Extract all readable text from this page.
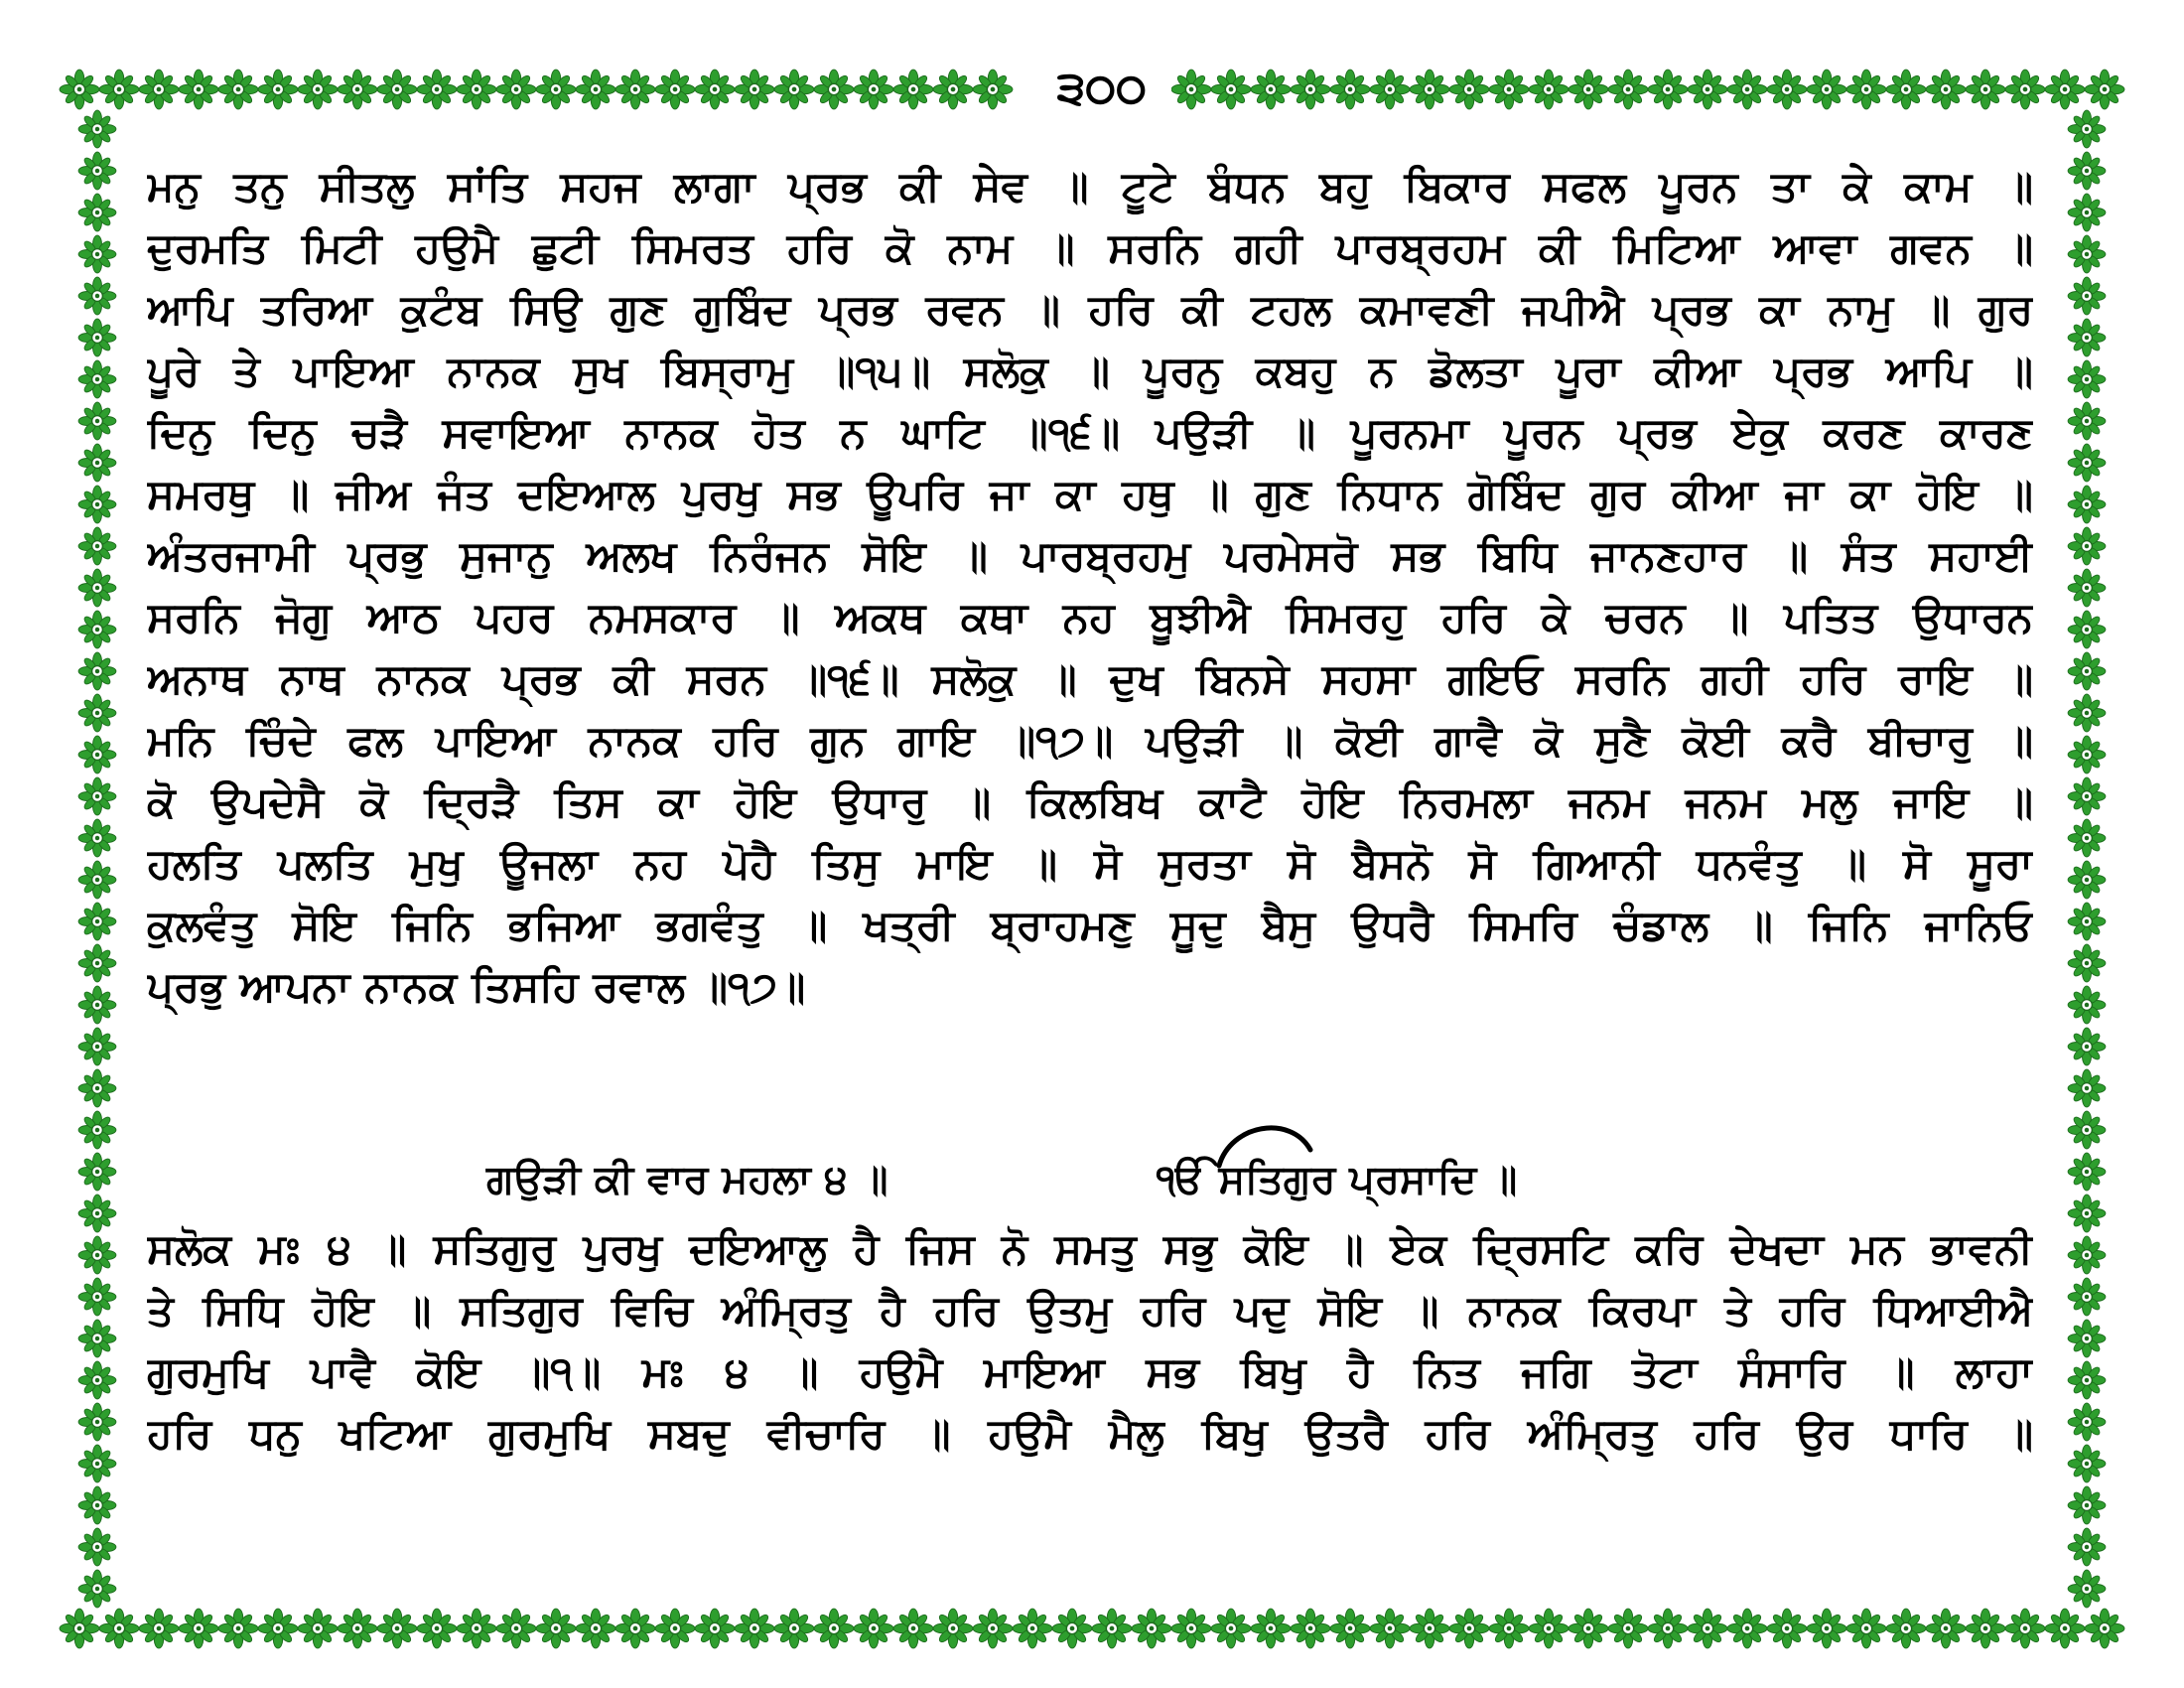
੩੦੦
ਮਨੁ ਤਨੁ ਸੀਤਲੁ ਸਾਂਤਿ ਸਹਜ ਲਾਗਾ ਪ੍ਰਭ ਕੀ ਸੇਵ ॥ ਟੂਟੇ ਬੰਧਨ ਬਹੁ ਬਿਕਾਰ ਸਫਲ ਪੂਰਨ ਤਾ ਕੇ ਕਾਮ ॥
ਦੁਰਮਤਿ ਮਿਟੀ ਹਉਮੈ ਛੁਟੀ ਸਿਮਰਤ ਹਰਿ ਕੋ ਨਾਮ ॥ ਸਰਨਿ ਗਹੀ ਪਾਰਬ੍ਰਹਮ ਕੀ ਮਿਟਿਆ ਆਵਾ ਗਵਨ ॥
ਆਪਿ ਤਰਿਆ ਕੁਟੰਬ ਸਿਉ ਗੁਣ ਗੁਬਿੰਦ ਪ੍ਰਭ ਰਵਨ ॥ ਹਰਿ ਕੀ ਟਹਲ ਕਮਾਵਣੀ ਜਪੀਐ ਪ੍ਰਭ ਕਾ ਨਾਮੁ ॥ ਗੁਰ
ਪੂਰੇ ਤੇ ਪਾਇਆ ਨਾਨਕ ਸੁਖ ਬਿਸ੍ਰਾਮੁ ॥੧੫॥ ਸਲੋਕੁ ॥ ਪੂਰਨੁ ਕਬਹੁ ਨ ਡੋਲਤਾ ਪੂਰਾ ਕੀਆ ਪ੍ਰਭ ਆਪਿ ॥
ਦਿਨੁ ਦਿਨੁ ਚੜੈ ਸਵਾਇਆ ਨਾਨਕ ਹੋਤ ਨ ਘਾਟਿ ॥੧੬॥ ਪਉੜੀ ॥ ਪੂਰਨਮਾ ਪੂਰਨ ਪ੍ਰਭ ਏਕੁ ਕਰਣ ਕਾਰਣ
ਸਮਰਥੁ ॥ ਜੀਅ ਜੰਤ ਦਇਆਲ ਪੁਰਖੁ ਸਭ ਊਪਰਿ ਜਾ ਕਾ ਹਥੁ ॥ ਗੁਣ ਨਿਧਾਨ ਗੋਬਿੰਦ ਗੁਰ ਕੀਆ ਜਾ ਕਾ ਹੋਇ ॥
ਅੰਤਰਜਾਮੀ ਪ੍ਰਭੁ ਸੁਜਾਨੁ ਅਲਖ ਨਿਰੰਜਨ ਸੋਇ ॥ ਪਾਰਬ੍ਰਹਮੁ ਪਰਮੇਸਰੋ ਸਭ ਬਿਧਿ ਜਾਨਣਹਾਰ ॥ ਸੰਤ ਸਹਾਈ
ਸਰਨਿ ਜੋਗੁ ਆਠ ਪਹਰ ਨਮਸਕਾਰ ॥ ਅਕਥ ਕਥਾ ਨਹ ਬੂਝੀਐ ਸਿਮਰਹੁ ਹਰਿ ਕੇ ਚਰਨ ॥ ਪਤਿਤ ਉਧਾਰਨ
ਅਨਾਥ ਨਾਥ ਨਾਨਕ ਪ੍ਰਭ ਕੀ ਸਰਨ ॥੧੬॥ ਸਲੋਕੁ ॥ ਦੁਖ ਬਿਨਸੇ ਸਹਸਾ ਗਇਓ ਸਰਨਿ ਗਹੀ ਹਰਿ ਰਾਇ ॥
ਮਨਿ ਚਿੰਦੇ ਫਲ ਪਾਇਆ ਨਾਨਕ ਹਰਿ ਗੁਨ ਗਾਇ ॥੧੭॥ ਪਉੜੀ ॥ ਕੋਈ ਗਾਵੈ ਕੋ ਸੁਣੈ ਕੋਈ ਕਰੈ ਬੀਚਾਰੁ ॥
ਕੋ ਉਪਦੇਸੈ ਕੋ ਦ੍ਰਿੜੈ ਤਿਸ ਕਾ ਹੋਇ ਉਧਾਰੁ ॥ ਕਿਲਬਿਖ ਕਾਟੈ ਹੋਇ ਨਿਰਮਲਾ ਜਨਮ ਜਨਮ ਮਲੁ ਜਾਇ ॥
ਹਲਤਿ ਪਲਤਿ ਮੁਖੁ ਊਜਲਾ ਨਹ ਪੋਹੈ ਤਿਸੁ ਮਾਇ ॥ ਸੋ ਸੁਰਤਾ ਸੋ ਬੈਸਨੋ ਸੋ ਗਿਆਨੀ ਧਨਵੰਤੁ ॥ ਸੋ ਸੂਰਾ
ਕੁਲਵੰਤੁ ਸੋਇ ਜਿਨਿ ਭਜਿਆ ਭਗਵੰਤੁ ॥ ਖਤ੍ਰੀ ਬ੍ਰਾਹਮਣੁ ਸੂਦੁ ਬੈਸੁ ਉਧਰੈ ਸਿਮਰਿ ਚੰਡਾਲ ॥ ਜਿਨਿ ਜਾਨਿਓ
ਪ੍ਰਭੁ ਆਪਨਾ ਨਾਨਕ ਤਿਸਹਿ ਰਵਾਲ ॥੧੭॥
ਸਲੋਕ ਮਃ ੪ ॥ ਸਤਿਗੁਰੁ ਪੁਰਖੁ ਦਇਆਲੁ ਹੈ ਜਿਸ ਨੋ ਸਮਤੁ ਸਭੁ ਕੋਇ ॥ ਏਕ ਦ੍ਰਿਸਟਿ ਕਰਿ ਦੇਖਦਾ ਮਨ ਭਾਵਨੀ
ਤੇ ਸਿਧਿ ਹੋਇ ॥ ਸਤਿਗੁਰ ਵਿਚਿ ਅੰਮ੍ਰਿਤੁ ਹੈ ਹਰਿ ਉਤਮੁ ਹਰਿ ਪਦੁ ਸੋਇ ॥ ਨਾਨਕ ਕਿਰਪਾ ਤੇ ਹਰਿ ਧਿਆਈਐ
ਗੁਰਮੁਖਿ ਪਾਵੈ ਕੋਇ ॥੧॥ ਮਃ ੪ ॥ ਹਉਮੈ ਮਾਇਆ ਸਭ ਬਿਖੁ ਹੈ ਨਿਤ ਜਗਿ ਤੋਟਾ ਸੰਸਾਰਿ ॥ ਲਾਹਾ
ਹਰਿ ਧਨੁ ਖਟਿਆ ਗੁਰਮੁਖਿ ਸਬਦੁ ਵੀਚਾਰਿ ॥ ਹਉਮੈ ਮੈਲੁ ਬਿਖੁ ਉਤਰੈ ਹਰਿ ਅੰਮ੍ਰਿਤੁ ਹਰਿ ਉਰ ਧਾਰਿ ॥
ਗਉੜੀ ਕੀ ਵਾਰ ਮਹਲਾ ੪ ॥	ੴ ਸਤਿਗੁਰ ਪ੍ਰਸਾਦਿ ॥
